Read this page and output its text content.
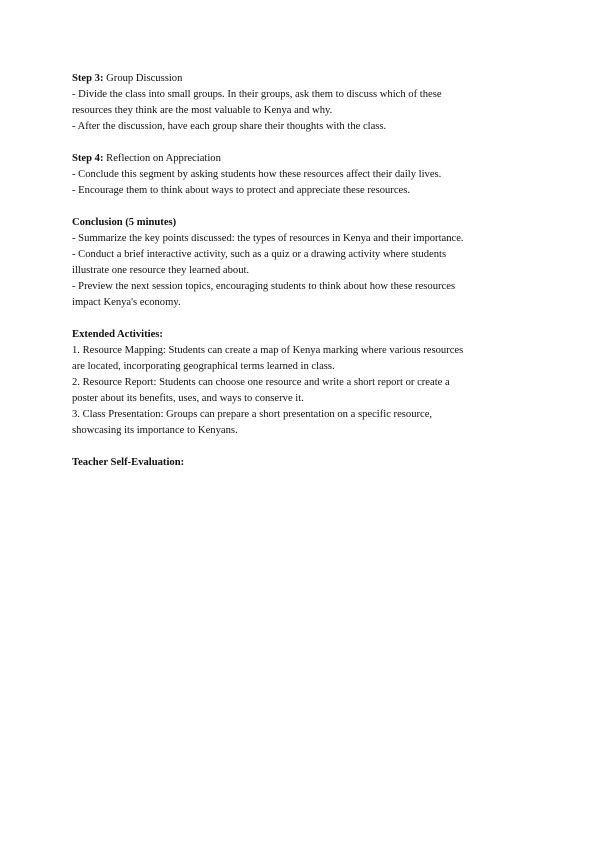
Step 3: Group Discussion

- Divide the class into small groups. In their groups, ask them to discuss which of these

resources they think are the most valuable to Kenya and why.

- After the discussion, have each group share their thoughts with the class.

Step 4: Reflection on Appreciation

- Conclude this segment by asking students how these resources affect their daily lives.

- Encourage them to think about ways to protect and appreciate these resources.

Conclusion (5 minutes)

- Summarize the key points discussed: the types of resources in Kenya and their importance.

- Conduct a brief interactive activity, such as a quiz or a drawing activity where students

illustrate one resource they learned about.

- Preview the next session topics, encouraging students to think about how these resources

impact Kenya's economy.

Extended Activities:

1. Resource Mapping: Students can create a map of Kenya marking where various resources

are located, incorporating geographical terms learned in class.

2. Resource Report: Students can choose one resource and write a short report or create a

poster about its benefits, uses, and ways to conserve it.

3. Class Presentation: Groups can prepare a short presentation on a specific resource,

showcasing its importance to Kenyans.

Teacher Self-Evaluation:
